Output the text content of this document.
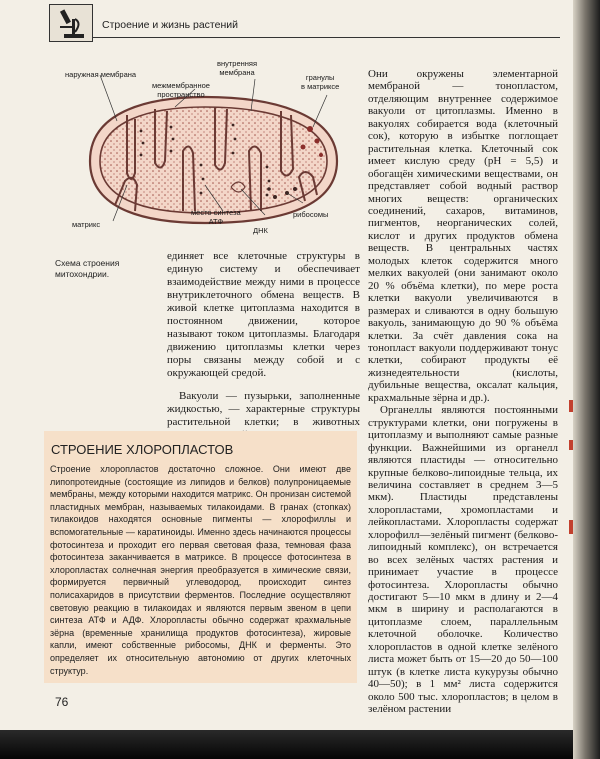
Строение и жизнь растений
наружная мембрана
межмембранное
пространство
внутренняя
мембрана
гранулы
в матриксе
матрикс
место синтеза
АТФ
ДНК
рибосомы
Схема строения
митохондрии.

единяет все клеточные структуры в единую систему и обеспечивает взаимодействие между ними в процессе внутриклеточного обмена веществ. В живой клетке цитоплазма находится в постоянном движении, которое называют током цитоплазмы. Благодаря движению цитоплазмы клетки через поры связаны между собой и с окружающей средой.

Вакуоли — пузырьки, заполненные жидкостью, — характерные структуры растительной клетки; в животных

Они окружены элементарной мембраной — тонопластом, отделяющим внутреннее содержимое вакуоли от цитоплазмы. Именно в вакуолях собирается вода (клеточный сок), которую в избытке поглощает растительная клетка. Клеточный сок имеет кислую среду (pH = 5,5) и обогащён химическими веществами, он представляет собой водный раствор многих веществ: органических соединений, сахаров, витаминов, пигментов, неорганических солей, кислот и других продуктов обмена веществ. В центральных частях молодых клеток содержится много мелких вакуолей (они занимают около 20 % объёма клетки), по мере роста клетки вакуоли увеличиваются в размерах и сливаются в одну большую вакуоль, занимающую до 90 % объёма клетки. За счёт давления сока на тонопласт вакуоли поддерживают тонус клетки, собирают продукты её жизнедеятельности (кислоты, дубильные вещества, оксалат кальция, крахмальные зёрна и др.).

Органеллы являются постоянными структурами клетки, они погружены в цитоплазму и выполняют самые разные функции. Важнейшими из органелл являются пластиды — относительно крупные белково-липоидные тельца, их величина составляет в среднем 3—5 мкм). Пластиды представлены хлоропластами, хромопластами и лейкопластами. Хлоропласты содержат хлорофилл—зелёный пигмент (белково-липоидный комплекс), он встречается во всех зелёных частях растения и принимает участие в процессе фотосинтеза. Хлоропласты обычно достигают 5—10 мкм в длину и 2—4 мкм в ширину и располагаются в цитоплазме слоем, параллельным клеточной оболочке. Количество хлоропластов в одной клетке зелёного листа может быть от 15—20 до 50—100 штук (в клетке листа кукурузы обычно 40—50); в 1 мм² листа содержится около 500 тыс. хлоропластов; в целом в зелёном растении

СТРОЕНИЕ ХЛОРОПЛАСТОВ

Строение хлоропластов достаточно сложное. Они имеют две липопротеидные (состоящие из липидов и белков) полупроницаемые мембраны, между которыми находится матрикс. Он пронизан системой пластидных мембран, называемых тилакоидами. В гранах (стопках) тилакоидов находятся основные пигменты — хлорофиллы и вспомогательные — каратиноиды. Именно здесь начинаются процессы фотосинтеза и проходит его первая световая фаза, темновая фаза фотосинтеза заканчивается в матриксе. В процессе фотосинтеза в хлоропластах солнечная энергия преобразуется в химические связи, формируется первичный углеводород, происходит синтез полисахаридов в присутствии ферментов. Последние осуществляют световую реакцию в тилакоидах и являются первым звеном в цепи синтеза АТФ и АДФ. Хлоропласты обычно содержат крахмальные зёрна (временные хранилища продуктов фотосинтеза), жировые капли, имеют собственные рибосомы, ДНК и ферменты. Это определяет их относительную автономию от других клеточных структур.

76
